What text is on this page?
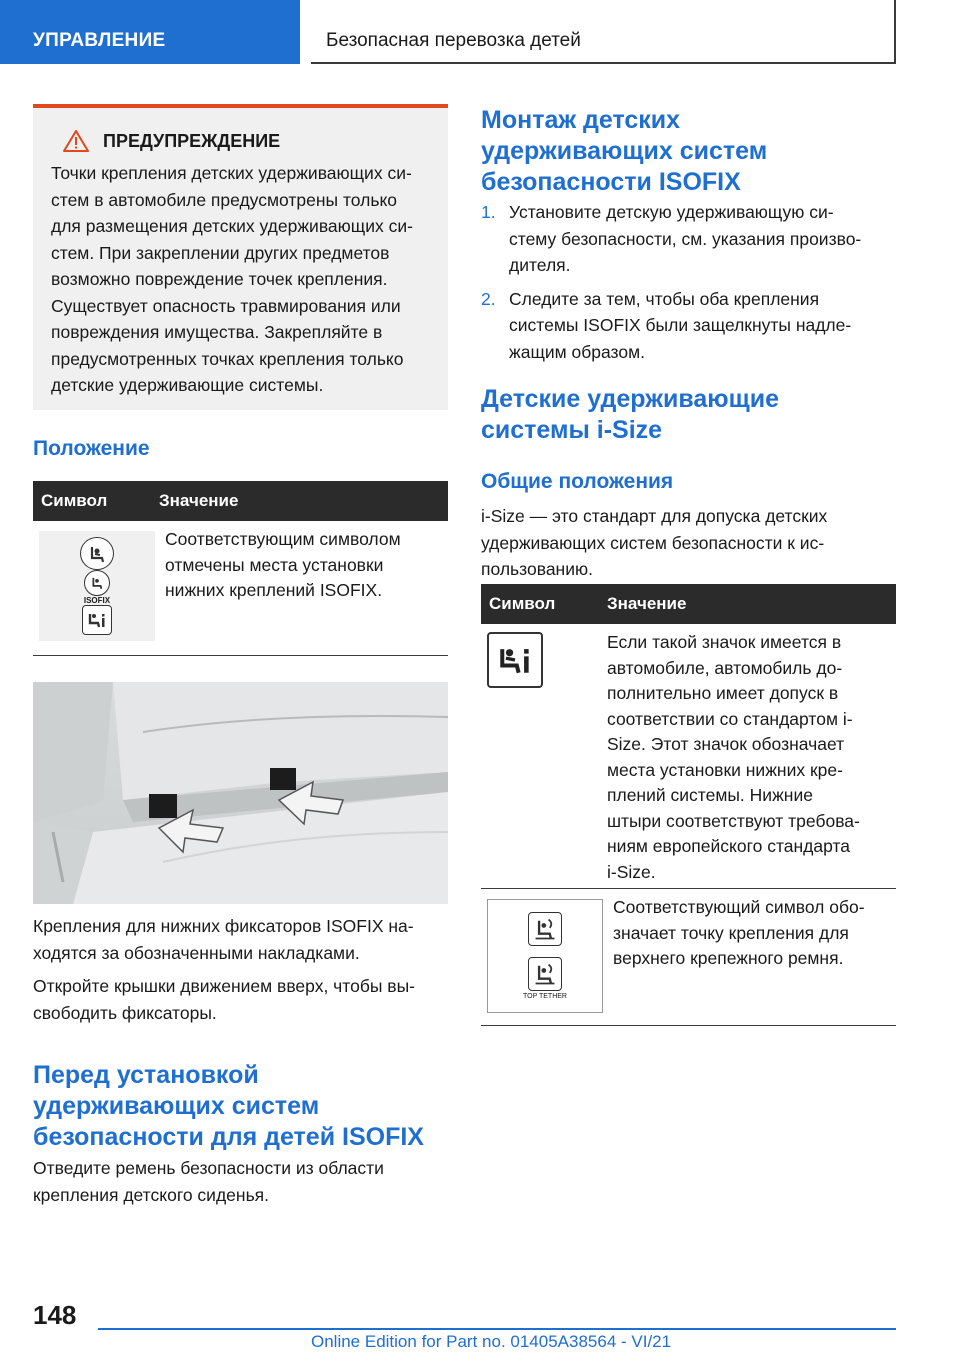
УПРАВЛЕНИЕ	Безопасная перевозка детей
ПРЕДУПРЕЖДЕНИЕ
Точки крепления детских удерживающих си-
стем в автомобиле предусмотрены только
для размещения детских удерживающих си-
стем. При закреплении других предметов
возможно повреждение точек крепления.
Существует опасность травмирования или
повреждения имущества. Закрепляйте в
предусмотренных точках крепления только
детские удерживающие системы.
Положение
Символ	Значение
ISOFIX
Соответствующим символом
отмечены места установки
нижних креплений ISOFIX.
Крепления для нижних фиксаторов ISOFIX на-
ходятся за обозначенными накладками.
Откройте крышки движением вверх, чтобы вы-
свободить фиксаторы.
Перед установкой
удерживающих систем
безопасности для детей ISOFIX
Отведите ремень безопасности из области
крепления детского сиденья.
Монтаж детских
удерживающих систем
безопасности ISOFIX
1. Установите детскую удерживающую си-
стему безопасности, см. указания произво-
дителя.
2. Следите за тем, чтобы оба крепления
системы ISOFIX были защелкнуты надле-
жащим образом.
Детские удерживающие
системы i-Size
Общие положения
i-Size — это стандарт для допуска детских
удерживающих систем безопасности к ис-
пользованию.
Символ	Значение
Если такой значок имеется в
автомобиле, автомобиль до-
полнительно имеет допуск в
соответствии со стандартом i-
Size. Этот значок обозначает
места установки нижних кре-
плений системы. Нижние
штыри соответствуют требова-
ниям европейского стандарта
i-Size.
TOP TETHER
Соответствующий символ обо-
значает точку крепления для
верхнего крепежного ремня.
148
Online Edition for Part no. 01405A38564 - VI/21
